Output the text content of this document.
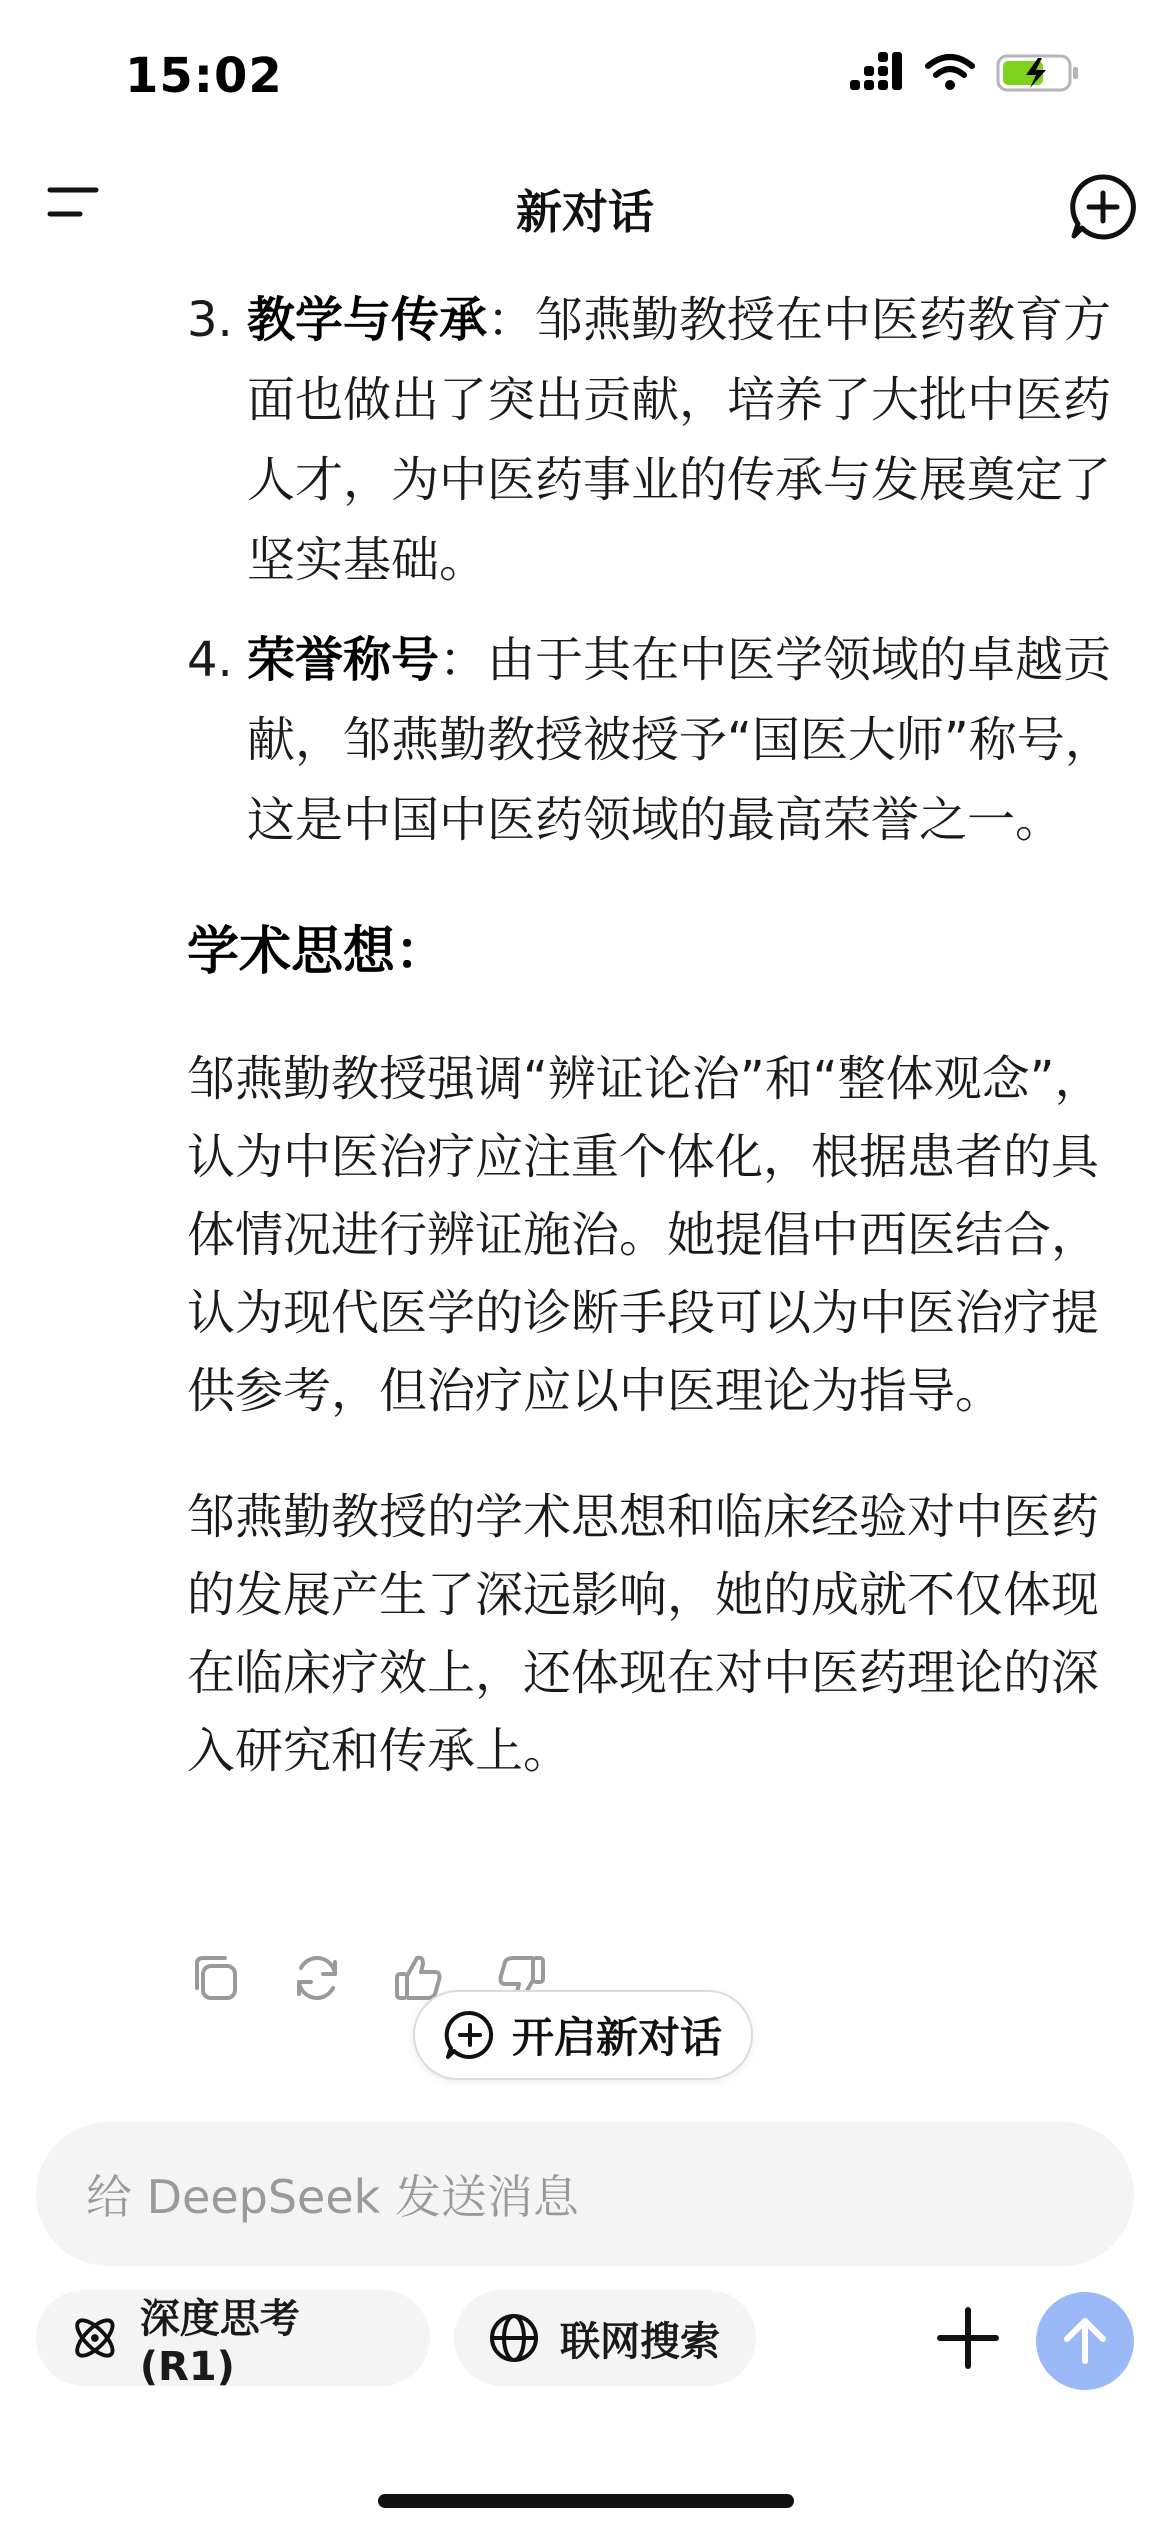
15:02
新对话
3. 教学与传承：邹燕勤教授在中医药教育方面也做出了突出贡献，培养了大批中医药人才，为中医药事业的传承与发展奠定了坚实基础。
4. 荣誉称号：由于其在中医学领域的卓越贡献，邹燕勤教授被授予“国医大师”称号，这是中国中医药领域的最高荣誉之一。
学术思想：
邹燕勤教授强调“辨证论治”和“整体观念”，认为中医治疗应注重个体化，根据患者的具体情况进行辨证施治。她提倡中西医结合，认为现代医学的诊断手段可以为中医治疗提供参考，但治疗应以中医理论为指导。
邹燕勤教授的学术思想和临床经验对中医药的发展产生了深远影响，她的成就不仅体现在临床疗效上，还体现在对中医药理论的深入研究和传承上。
开启新对话
给 DeepSeek 发送消息
深度思考 (R1)
联网搜索
